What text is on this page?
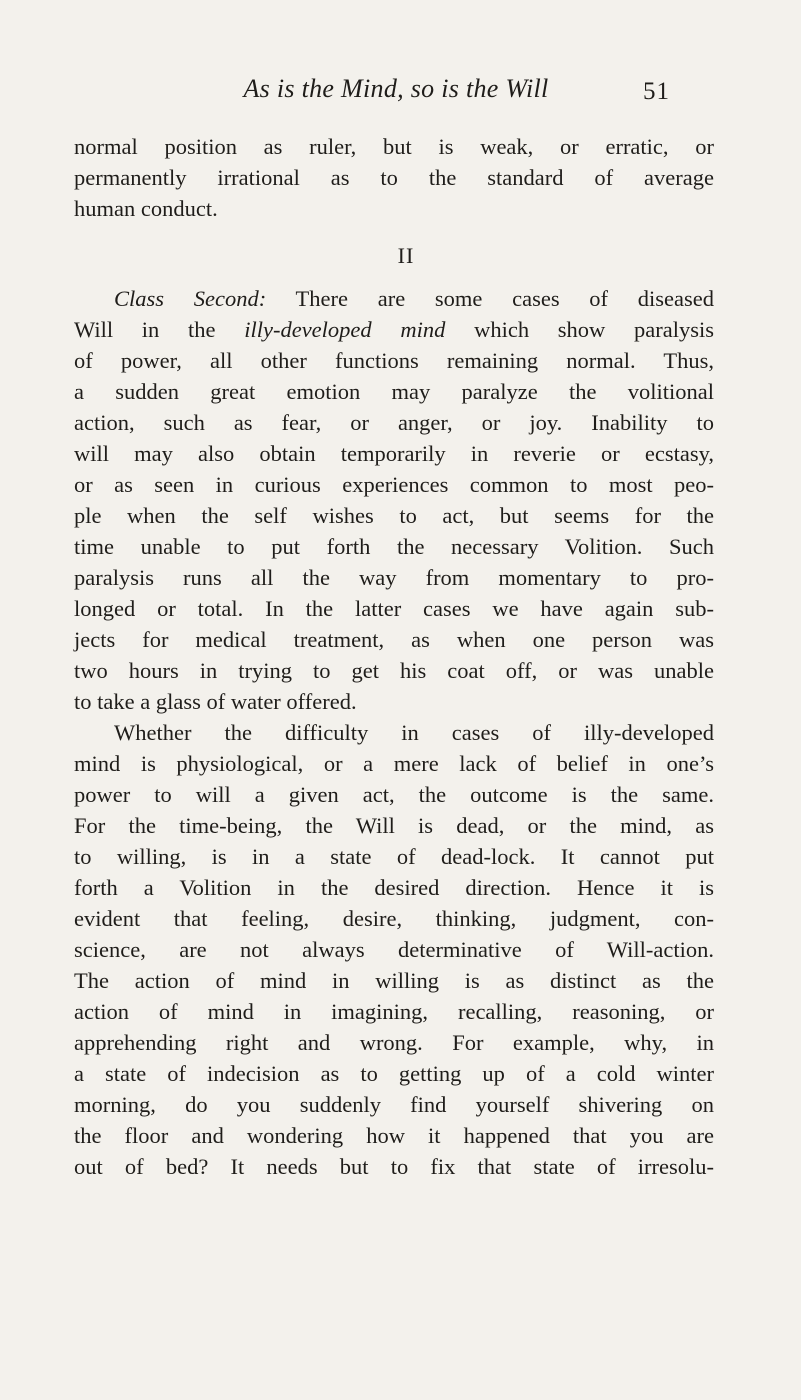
As is the Mind, so is the Will	51
normal position as ruler, but is weak, or erratic, or
permanently irrational as to the standard of average
human conduct.
II
Class Second: There are some cases of diseased
Will in the illy-developed mind which show paralysis
of power, all other functions remaining normal. Thus,
a sudden great emotion may paralyze the volitional
action, such as fear, or anger, or joy. Inability to
will may also obtain temporarily in reverie or ecstasy,
or as seen in curious experiences common to most peo-
ple when the self wishes to act, but seems for the
time unable to put forth the necessary Volition. Such
paralysis runs all the way from momentary to pro-
longed or total. In the latter cases we have again sub-
jects for medical treatment, as when one person was
two hours in trying to get his coat off, or was unable
to take a glass of water offered.
Whether the difficulty in cases of illy-developed
mind is physiological, or a mere lack of belief in one’s
power to will a given act, the outcome is the same.
For the time-being, the Will is dead, or the mind, as
to willing, is in a state of dead-lock. It cannot put
forth a Volition in the desired direction. Hence it is
evident that feeling, desire, thinking, judgment, con-
science, are not always determinative of Will-action.
The action of mind in willing is as distinct as the
action of mind in imagining, recalling, reasoning, or
apprehending right and wrong. For example, why, in
a state of indecision as to getting up of a cold winter
morning, do you suddenly find yourself shivering on
the floor and wondering how it happened that you are
out of bed? It needs but to fix that state of irresolu-
